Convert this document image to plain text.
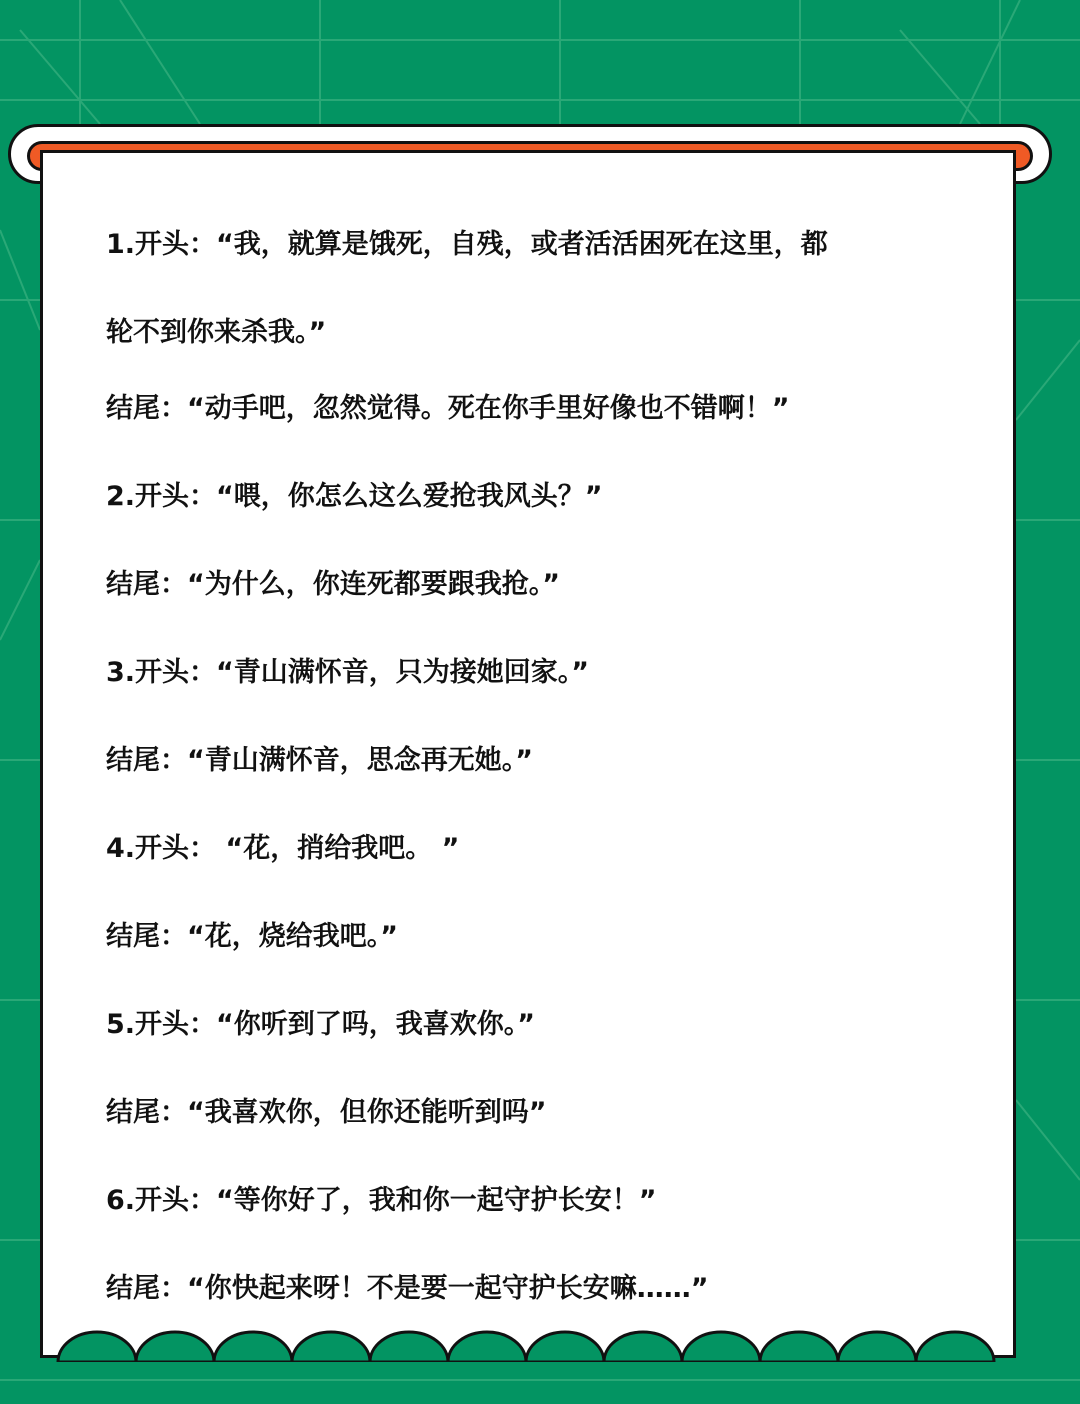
1.开头：“我，就算是饿死，自残，或者活活困死在这里，都
轮不到你来杀我。”
结尾：“动手吧，忽然觉得。死在你手里好像也不错啊！”
2.开头：“喂，你怎么这么爱抢我风头？”
结尾：“为什么，你连死都要跟我抢。”
3.开头：“青山满怀音，只为接她回家。”
结尾：“青山满怀音，思念再无她。”
4.开头： “花，捎给我吧。 ”
结尾：“花，烧给我吧。”
5.开头：“你听到了吗，我喜欢你。”
结尾：“我喜欢你，但你还能听到吗”
6.开头：“等你好了，我和你一起守护长安！”
结尾：“你快起来呀！不是要一起守护长安嘛……”
